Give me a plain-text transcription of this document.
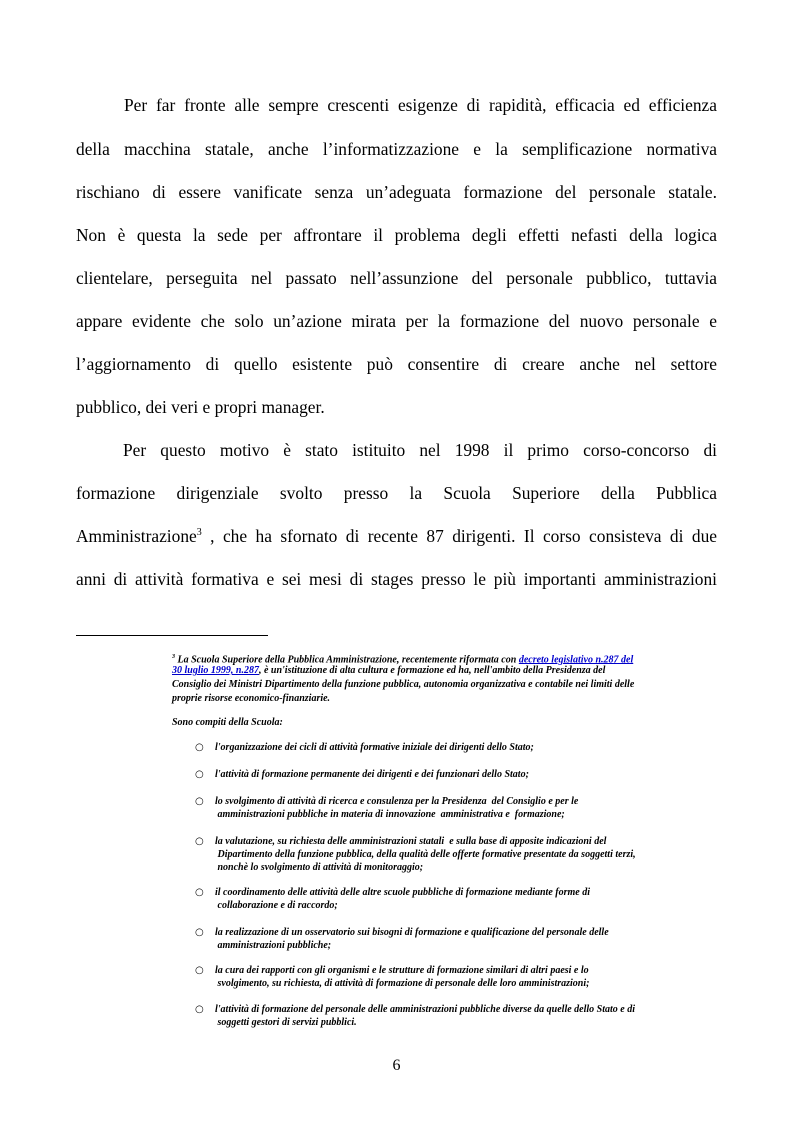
Per far fronte alle sempre crescenti esigenze di rapidità, efficacia ed efficienza
della macchina statale, anche l’informatizzazione e la semplificazione normativa
rischiano di essere vanificate senza un’adeguata formazione del personale statale.
Non è questa la sede per affrontare il problema degli effetti nefasti della logica
clientelare, perseguita nel passato nell’assunzione del personale pubblico, tuttavia
appare evidente che solo un’azione mirata per la formazione del nuovo personale e
l’aggiornamento di quello esistente può consentire di creare anche nel settore
pubblico, dei veri e propri manager.
Per questo motivo è stato istituito nel 1998 il primo corso-concorso di
formazione dirigenziale svolto presso la Scuola Superiore della Pubblica
Amministrazione$^3$ , che ha sfornato di recente 87 dirigenti. Il corso consisteva di due
anni di attività formativa e sei mesi di stages presso le più importanti amministrazioni
$^3$ La Scuola Superiore della Pubblica Amministrazione, recentemente riformata con decreto legislativo n.287 del
30 luglio 1999, n.287, è un'istituzione di alta cultura e formazione ed ha, nell'ambito della Presidenza del
Consiglio dei Ministri Dipartimento della funzione pubblica, autonomia organizzativa e contabile nei limiti delle
proprie risorse economico-finanziarie.
Sono compiti della Scuola:
○ l'organizzazione dei cicli di attività formative iniziale dei dirigenti dello Stato;
○ l'attività di formazione permanente dei dirigenti e dei funzionari dello Stato;
○ lo svolgimento di attività di ricerca e consulenza per la Presidenza  del Consiglio e per le
amministrazioni pubbliche in materia di innovazione  amministrativa e  formazione;
○ la valutazione, su richiesta delle amministrazioni statali  e sulla base di apposite indicazioni del
Dipartimento della funzione pubblica, della qualità delle offerte formative presentate da soggetti terzi,
nonchè lo svolgimento di attività di monitoraggio;
○ il coordinamento delle attività delle altre scuole pubbliche di formazione mediante forme di
collaborazione e di raccordo;
○ la realizzazione di un osservatorio sui bisogni di formazione e qualificazione del personale delle
amministrazioni pubbliche;
○ la cura dei rapporti con gli organismi e le strutture di formazione similari di altri paesi e lo
svolgimento, su richiesta, di attività di formazione di personale delle loro amministrazioni;
○ l'attività di formazione del personale delle amministrazioni pubbliche diverse da quelle dello Stato e di
soggetti gestori di servizi pubblici.
6
